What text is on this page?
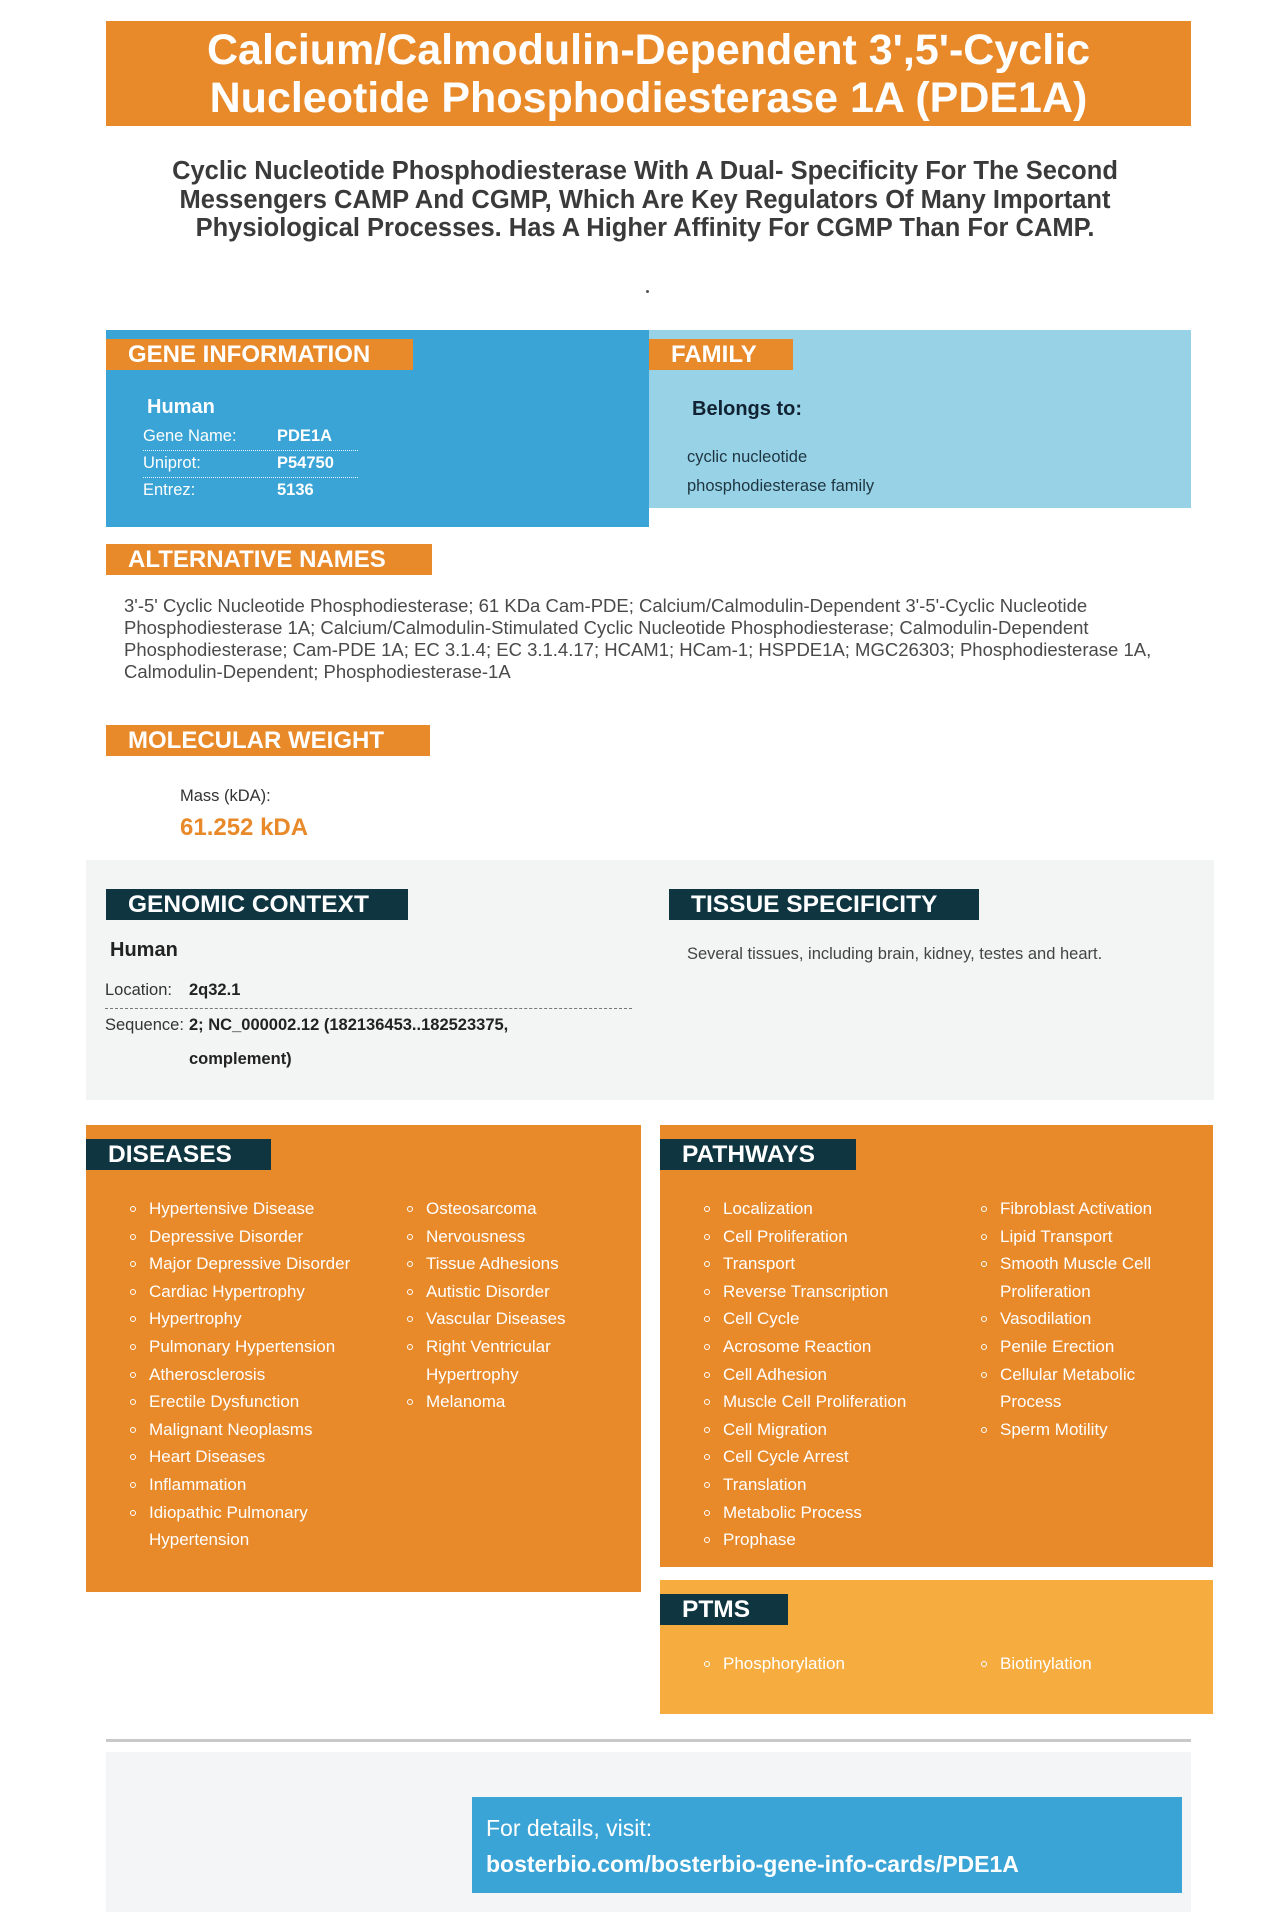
Calcium/Calmodulin-Dependent 3',5'-Cyclic Nucleotide Phosphodiesterase 1A (PDE1A)
Cyclic Nucleotide Phosphodiesterase With A Dual- Specificity For The Second Messengers CAMP And CGMP, Which Are Key Regulators Of Many Important Physiological Processes. Has A Higher Affinity For CGMP Than For CAMP.
GENE INFORMATION	FAMILY
Human
Gene Name: PDE1A
Uniprot:	P54750
Entrez:	5136
Belongs to:
cyclic nucleotide phosphodiesterase family
ALTERNATIVE NAMES
3'-5' Cyclic Nucleotide Phosphodiesterase; 61 KDa Cam-PDE; Calcium/Calmodulin-Dependent 3'-5'-Cyclic Nucleotide Phosphodiesterase 1A; Calcium/Calmodulin-Stimulated Cyclic Nucleotide Phosphodiesterase; Calmodulin-Dependent Phosphodiesterase; Cam-PDE 1A; EC 3.1.4; EC 3.1.4.17; HCAM1; HCam-1; HSPDE1A; MGC26303; Phosphodiesterase 1A, Calmodulin-Dependent; Phosphodiesterase-1A
MOLECULAR WEIGHT
Mass (kDA):
61.252 kDA
GENOMIC CONTEXT	TISSUE SPECIFICITY
Human
Location: 2q32.1
Sequence: 2; NC_000002.12 (182136453..182523375, complement)
Several tissues, including brain, kidney, testes and heart.
DISEASES
Hypertensive Disease
Depressive Disorder
Major Depressive Disorder
Cardiac Hypertrophy
Hypertrophy
Pulmonary Hypertension
Atherosclerosis
Erectile Dysfunction
Malignant Neoplasms
Heart Diseases
Inflammation
Idiopathic Pulmonary Hypertension
Osteosarcoma
Nervousness
Tissue Adhesions
Autistic Disorder
Vascular Diseases
Right Ventricular Hypertrophy
Melanoma
PATHWAYS
Localization
Cell Proliferation
Transport
Reverse Transcription
Cell Cycle
Acrosome Reaction
Cell Adhesion
Muscle Cell Proliferation
Cell Migration
Cell Cycle Arrest
Translation
Metabolic Process
Prophase
Fibroblast Activation
Lipid Transport
Smooth Muscle Cell Proliferation
Vasodilation
Penile Erection
Cellular Metabolic Process
Sperm Motility
PTMS
Phosphorylation	Biotinylation
For details, visit:
bosterbio.com/bosterbio-gene-info-cards/PDE1A
